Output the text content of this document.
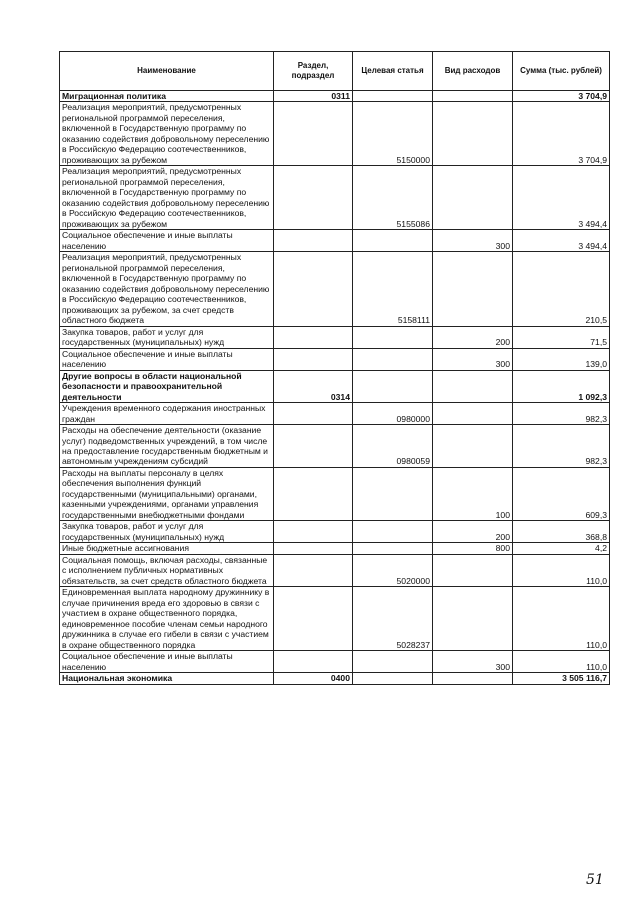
Наименование	Раздел, подраздел	Целевая статья	Вид расходов	Сумма (тыс. рублей)
Миграционная политика	0311			3 704,9
Реализация мероприятий, предусмотренных региональной программой переселения, включенной в Государственную программу по оказанию содействия добровольному переселению в Российскую Федерацию соотечественников, проживающих за рубежом		5150000		3 704,9
Реализация мероприятий, предусмотренных региональной программой переселения, включенной в Государственную программу по оказанию содействия добровольному переселению в Российскую Федерацию соотечественников, проживающих за рубежом		5155086		3 494,4
Социальное обеспечение и иные выплаты населению			300	3 494,4
Реализация мероприятий, предусмотренных региональной программой переселения, включенной в Государственную программу по оказанию содействия добровольному переселению в Российскую Федерацию соотечественников, проживающих за рубежом, за счет средств областного бюджета		5158111		210,5
Закупка товаров, работ и услуг для государственных (муниципальных) нужд			200	71,5
Социальное обеспечение и иные выплаты населению			300	139,0
Другие вопросы в области национальной безопасности и правоохранительной деятельности	0314			1 092,3
Учреждения временного содержания иностранных граждан		0980000		982,3
Расходы на обеспечение деятельности (оказание услуг) подведомственных учреждений, в том числе на предоставление государственным бюджетным и автономным учреждениям субсидий		0980059		982,3
Расходы на выплаты персоналу в целях обеспечения выполнения функций государственными (муниципальными) органами, казенными учреждениями, органами управления государственными внебюджетными фондами			100	609,3
Закупка товаров, работ и услуг для государственных (муниципальных) нужд			200	368,8
Иные бюджетные ассигнования			800	4,2
Социальная помощь, включая расходы, связанные с исполнением публичных нормативных обязательств, за счет средств областного бюджета		5020000		110,0
Единовременная выплата народному дружиннику в случае причинения вреда его здоровью в связи с участием в охране общественного порядка, единовременное пособие членам семьи народного дружинника в случае его гибели в связи с участием в охране общественного порядка		5028237		110,0
Социальное обеспечение и иные выплаты населению			300	110,0
Национальная экономика	0400			3 505 116,7
51
